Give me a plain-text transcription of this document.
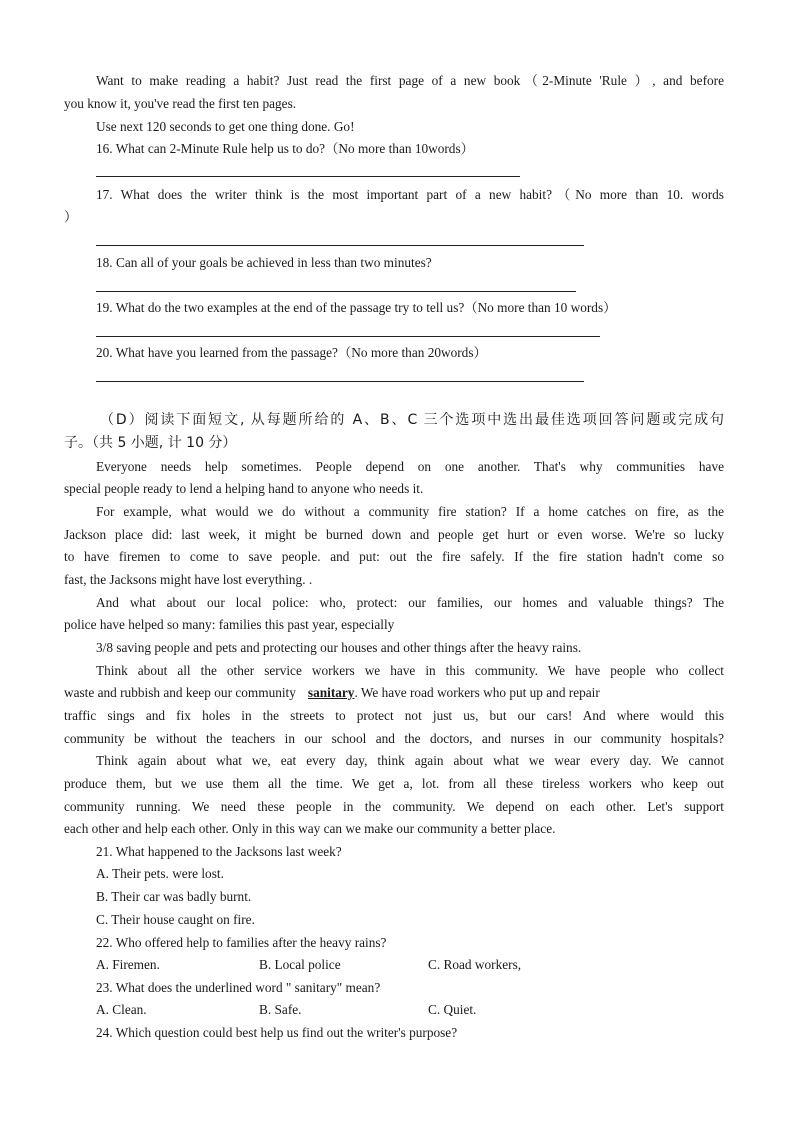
Want to make reading a habit? Just read the first page of a new book（2-Minute 'Rule ）, and before

you know it, you've read the first ten pages.

Use next 120 seconds to get one thing done. Go!

16. What can 2-Minute Rule help us to do?（No more than 10words）

17. What does the writer think is the most important part of a new habit?（No more than 10. words

）

18. Can all of your goals be achieved in less than two minutes?

19. What do the two examples at the end of the passage try to tell us?（No more than 10 words）

20. What have you learned from the passage?（No more than 20words）

（D）阅读下面短文, 从每题所给的 A、B、C 三个选项中选出最佳选项回答问题或完成句

子。（共 5 小题, 计 10 分）

Everyone needs help sometimes. People depend on one another. That's why communities have

special people ready to lend a helping hand to anyone who needs it.

For example, what would we do without a community fire station? If a home catches on fire, as the

Jackson place did: last week, it might be burned down and people get hurt or even worse. We're so lucky

to have firemen to come to save people. and put: out the fire safely. If the fire station hadn't come so

fast, the Jacksons might have lost everything. .

And what about our local police: who, protect: our families, our homes and valuable things? The

police have helped so many: families this past year, especially

3/8 saving people and pets and protecting our houses and other things after the heavy rains.

Think about all the other service workers we have in this community. We have people who collect

waste and rubbish and keep our community sanitary. We have road workers who put up and repair

traffic sings and fix holes in the streets to protect not just us, but our cars! And where would this

community be without the teachers in our school and the doctors, and nurses in our community hospitals?

Think again about what we, eat every day, think again about what we wear every day. We cannot

produce them, but we use them all the time. We get a, lot. from all these tireless workers who keep out

community running. We need these people in the community. We depend on each other. Let's support

each other and help each other. Only in this way can we make our community a better place.

21. What happened to the Jacksons last week?

A. Their pets. were lost.

B. Their car was badly burnt.

C. Their house caught on fire.

22. Who offered help to families after the heavy rains?

A. Firemen.	B. Local police	C. Road workers,

23. What does the underlined word " sanitary" mean?

A. Clean.	B. Safe.	C. Quiet.

24. Which question could best help us find out the writer's purpose?
